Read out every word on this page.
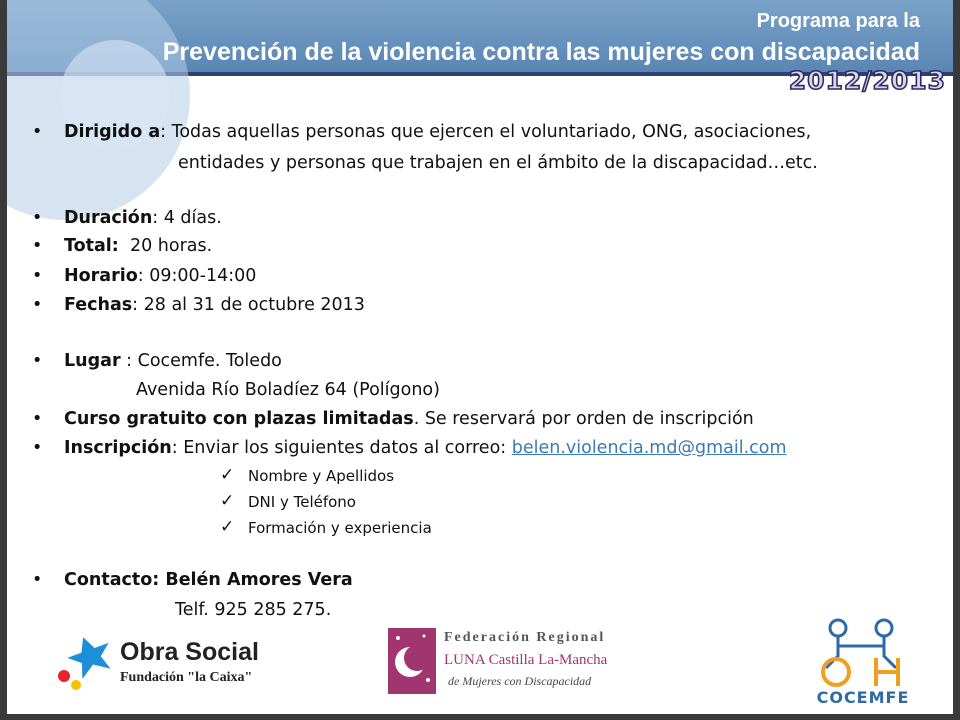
Programa para la
Prevención de la violencia contra las mujeres con discapacidad
2012/2013
• Dirigido a: Todas aquellas personas que ejercen el voluntariado, ONG, asociaciones,
entidades y personas que trabajen en el ámbito de la discapacidad…etc.
• Duración: 4 días.
• Total: 20 horas.
• Horario: 09:00-14:00
• Fechas: 28 al 31 de octubre 2013
• Lugar : Cocemfe. Toledo
Avenida Río Boladíez 64 (Polígono)
• Curso gratuito con plazas limitadas. Se reservará por orden de inscripción
• Inscripción: Enviar los siguientes datos al correo: belen.violencia.md@gmail.com
✓ Nombre y Apellidos
✓ DNI y Teléfono
✓ Formación y experiencia
• Contacto: Belén Amores Vera
Telf. 925 285 275.
Obra Social
Fundación "la Caixa"
Federación Regional
LUNA Castilla La-Mancha
de Mujeres con Discapacidad
COCEMFE
